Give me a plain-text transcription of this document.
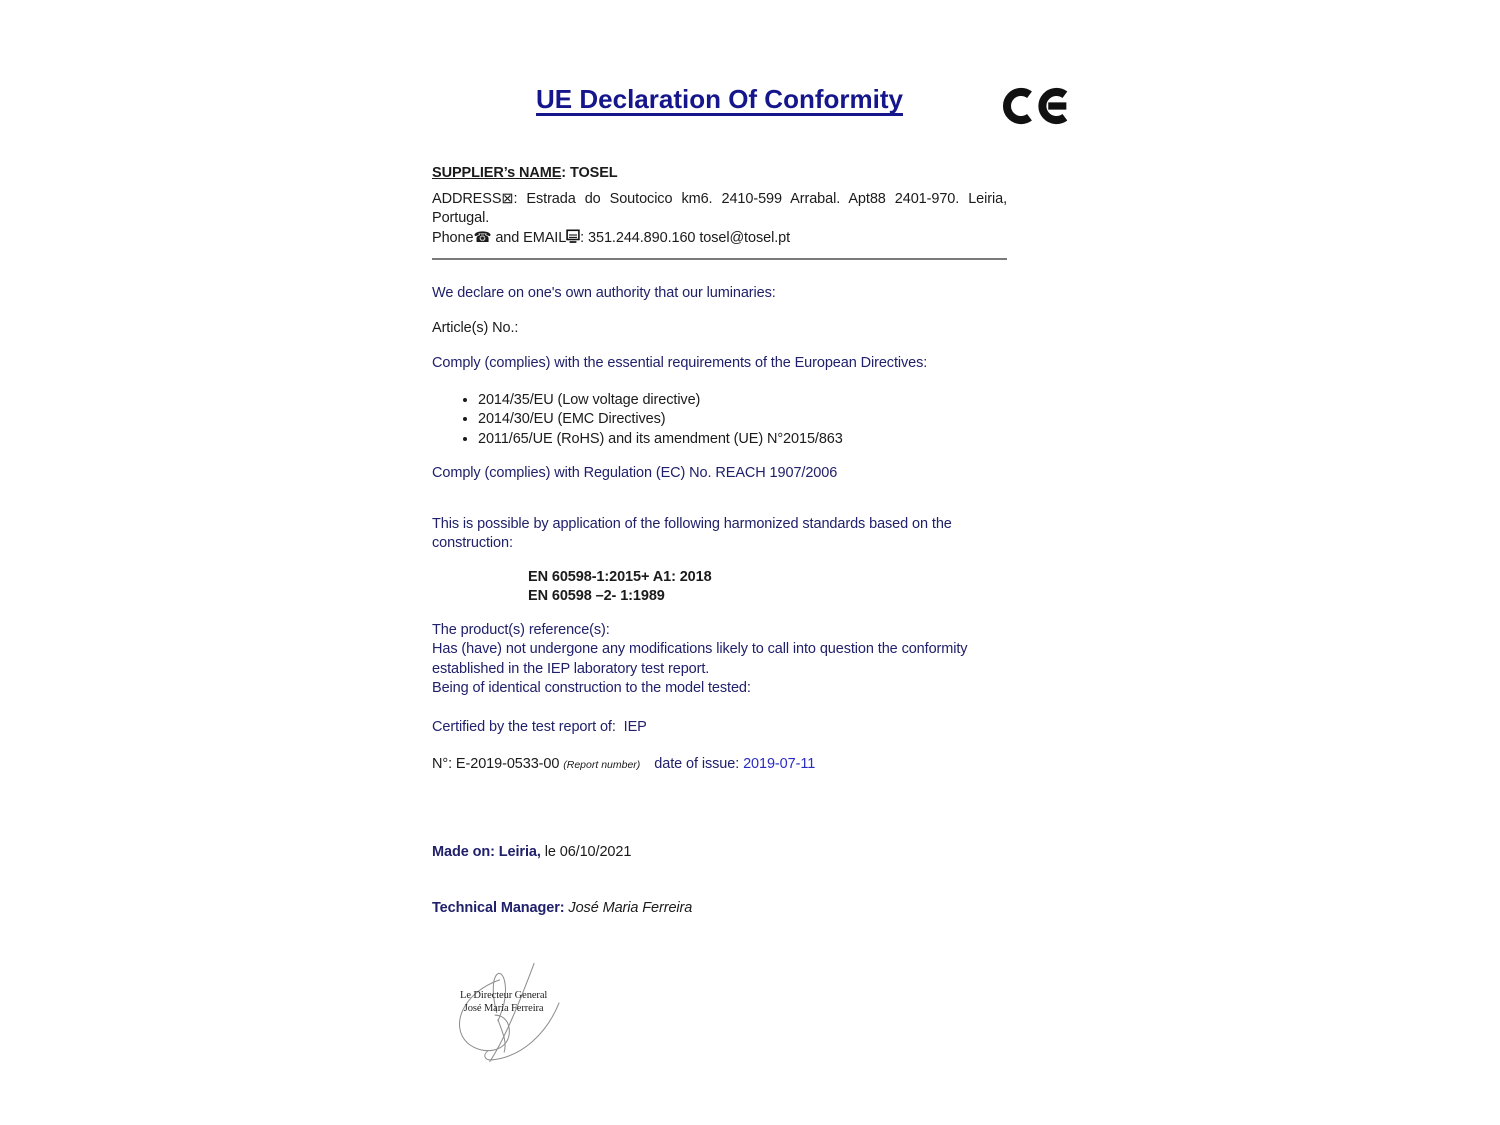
UE Declaration Of Conformity
SUPPLIER’s NAME: TOSEL
ADDRESS⊠: Estrada do Soutocico km6. 2410-599 Arrabal. Apt88 2401-970. Leiria, Portugal.
Phone☎ and EMAIL : 351.244.890.160 tosel@tosel.pt
We declare on one's own authority that our luminaries:
Article(s) No.:
Comply (complies) with the essential requirements of the European Directives:
• 2014/35/EU (Low voltage directive)
• 2014/30/EU (EMC Directives)
• 2011/65/UE (RoHS) and its amendment (UE) N°2015/863
Comply (complies) with Regulation (EC) No. REACH 1907/2006
This is possible by application of the following harmonized standards based on the
construction:
EN 60598-1:2015+ A1: 2018
EN 60598 –2- 1:1989
The product(s) reference(s):
Has (have) not undergone any modifications likely to call into question the conformity
established in the IEP laboratory test report.
Being of identical construction to the model tested:
Certified by the test report of:  IEP
N°: E-2019-0533-00 (Report number) date of issue: 2019-07-11
Made on: Leiria, le 06/10/2021
Technical Manager: José Maria Ferreira
Le Directeur General
José Maria Ferreira
